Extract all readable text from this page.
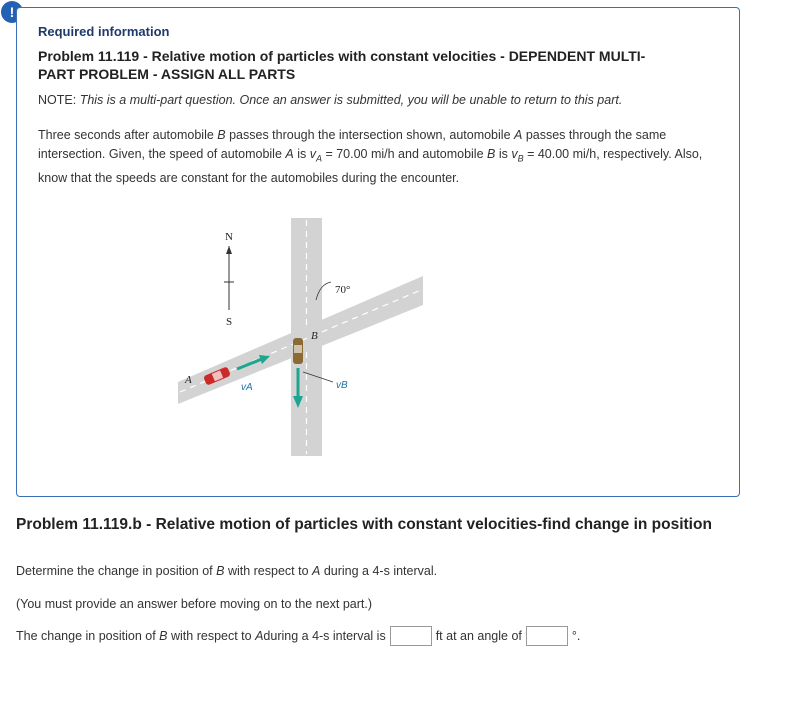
!
Required information
Problem 11.119 - Relative motion of particles with constant velocities - DEPENDENT MULTI-PART PROBLEM - ASSIGN ALL PARTS
NOTE: This is a multi-part question. Once an answer is submitted, you will be unable to return to this part.
Three seconds after automobile B passes through the intersection shown, automobile A passes through the same intersection. Given, the speed of automobile A is $v_A = 70.00$ mi/h and automobile B is $v_B = 40.00$ mi/h, respectively. Also, know that the speeds are constant for the automobiles during the encounter.
N
S
70°
A
vA
B
vB
Problem 11.119.b - Relative motion of particles with constant velocities-find change in position
Determine the change in position of B with respect to A during a 4-s interval.
(You must provide an answer before moving on to the next part.)
The change in position of
B
with respect to
A during a 4-s interval is	ft at an angle of	°.
